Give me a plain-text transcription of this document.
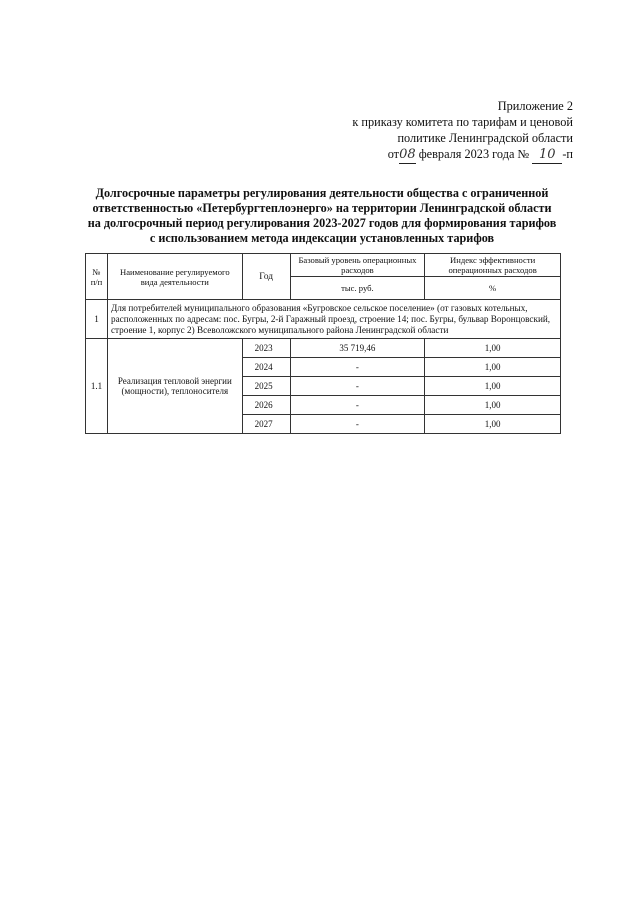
Приложение 2
к приказу комитета по тарифам и ценовой
политике Ленинградской области
от08 февраля 2023 года № 10 -п
Долгосрочные параметры регулирования деятельности общества с ограниченной
ответственностью «Петербургтеплоэнерго» на территории Ленинградской области
на долгосрочный период регулирования 2023-2027 годов для формирования тарифов
с использованием метода индексации установленных тарифов
№ п/п	Наименование регулируемого вида деятельности	Год	Базовый уровень операционных расходов	Индекс эффективности операционных расходов
			тыс. руб.	%
1	Для потребителей муниципального образования «Бугровское сельское поселение» (от газовых котельных, расположенных по адресам: пос. Бугры, 2-й Гаражный проезд, строение 14; пос. Бугры, бульвар Воронцовский, строение 1, корпус 2) Всеволожского муниципального района Ленинградской области			
1.1	Реализация тепловой энергии (мощности), теплоносителя	2023	35 719,46	1,00
		2024	-	1,00
		2025	-	1,00
		2026	-	1,00
		2027	-	1,00
